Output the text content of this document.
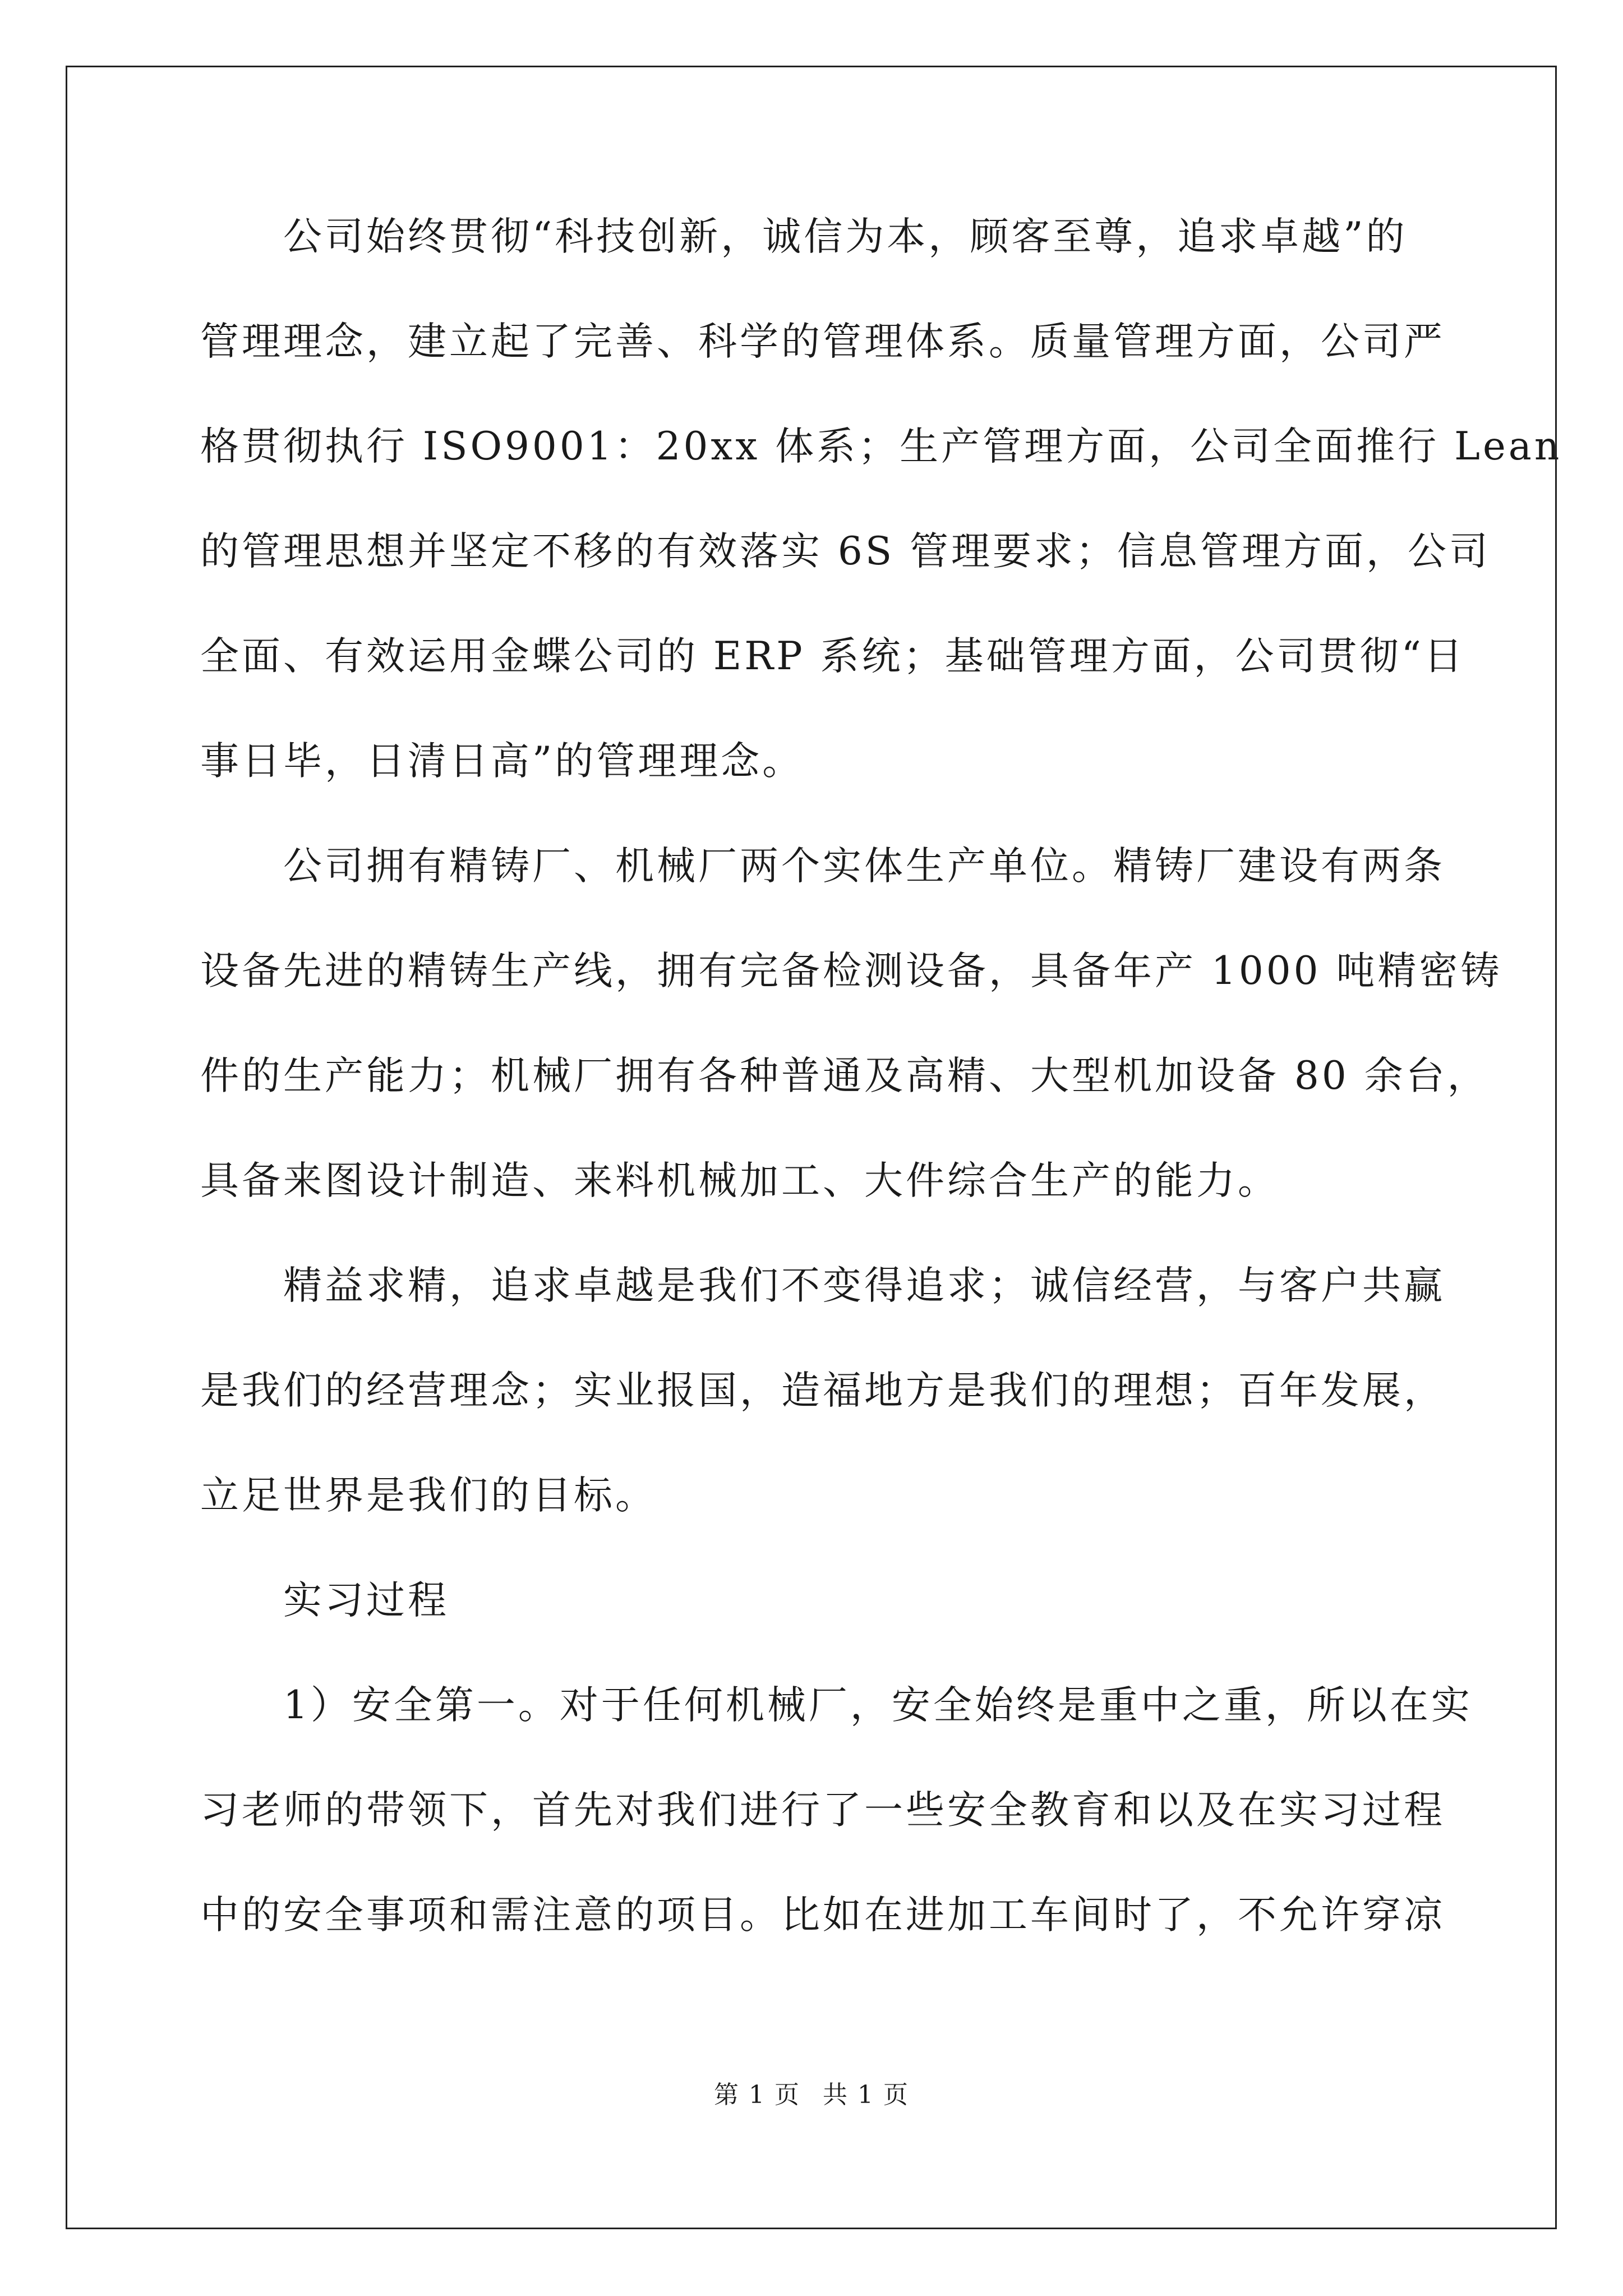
公司始终贯彻“科技创新，诚信为本，顾客至尊，追求卓越”的
管理理念，建立起了完善、科学的管理体系。质量管理方面，公司严
格贯彻执行 ISO9001：20xx 体系；生产管理方面，公司全面推行 Lean
的管理思想并坚定不移的有效落实 6S 管理要求；信息管理方面，公司
全面、有效运用金蝶公司的 ERP 系统；基础管理方面，公司贯彻“日
事日毕，日清日高”的管理理念。
公司拥有精铸厂、机械厂两个实体生产单位。精铸厂建设有两条
设备先进的精铸生产线，拥有完备检测设备，具备年产 1000 吨精密铸
件的生产能力；机械厂拥有各种普通及高精、大型机加设备 80 余台，
具备来图设计制造、来料机械加工、大件综合生产的能力。
精益求精，追求卓越是我们不变得追求；诚信经营，与客户共赢
是我们的经营理念；实业报国，造福地方是我们的理想；百年发展，
立足世界是我们的目标。
实习过程
1）安全第一。对于任何机械厂，安全始终是重中之重，所以在实
习老师的带领下，首先对我们进行了一些安全教育和以及在实习过程
中的安全事项和需注意的项目。比如在进加工车间时了，不允许穿凉
第 1 页 共 1 页
